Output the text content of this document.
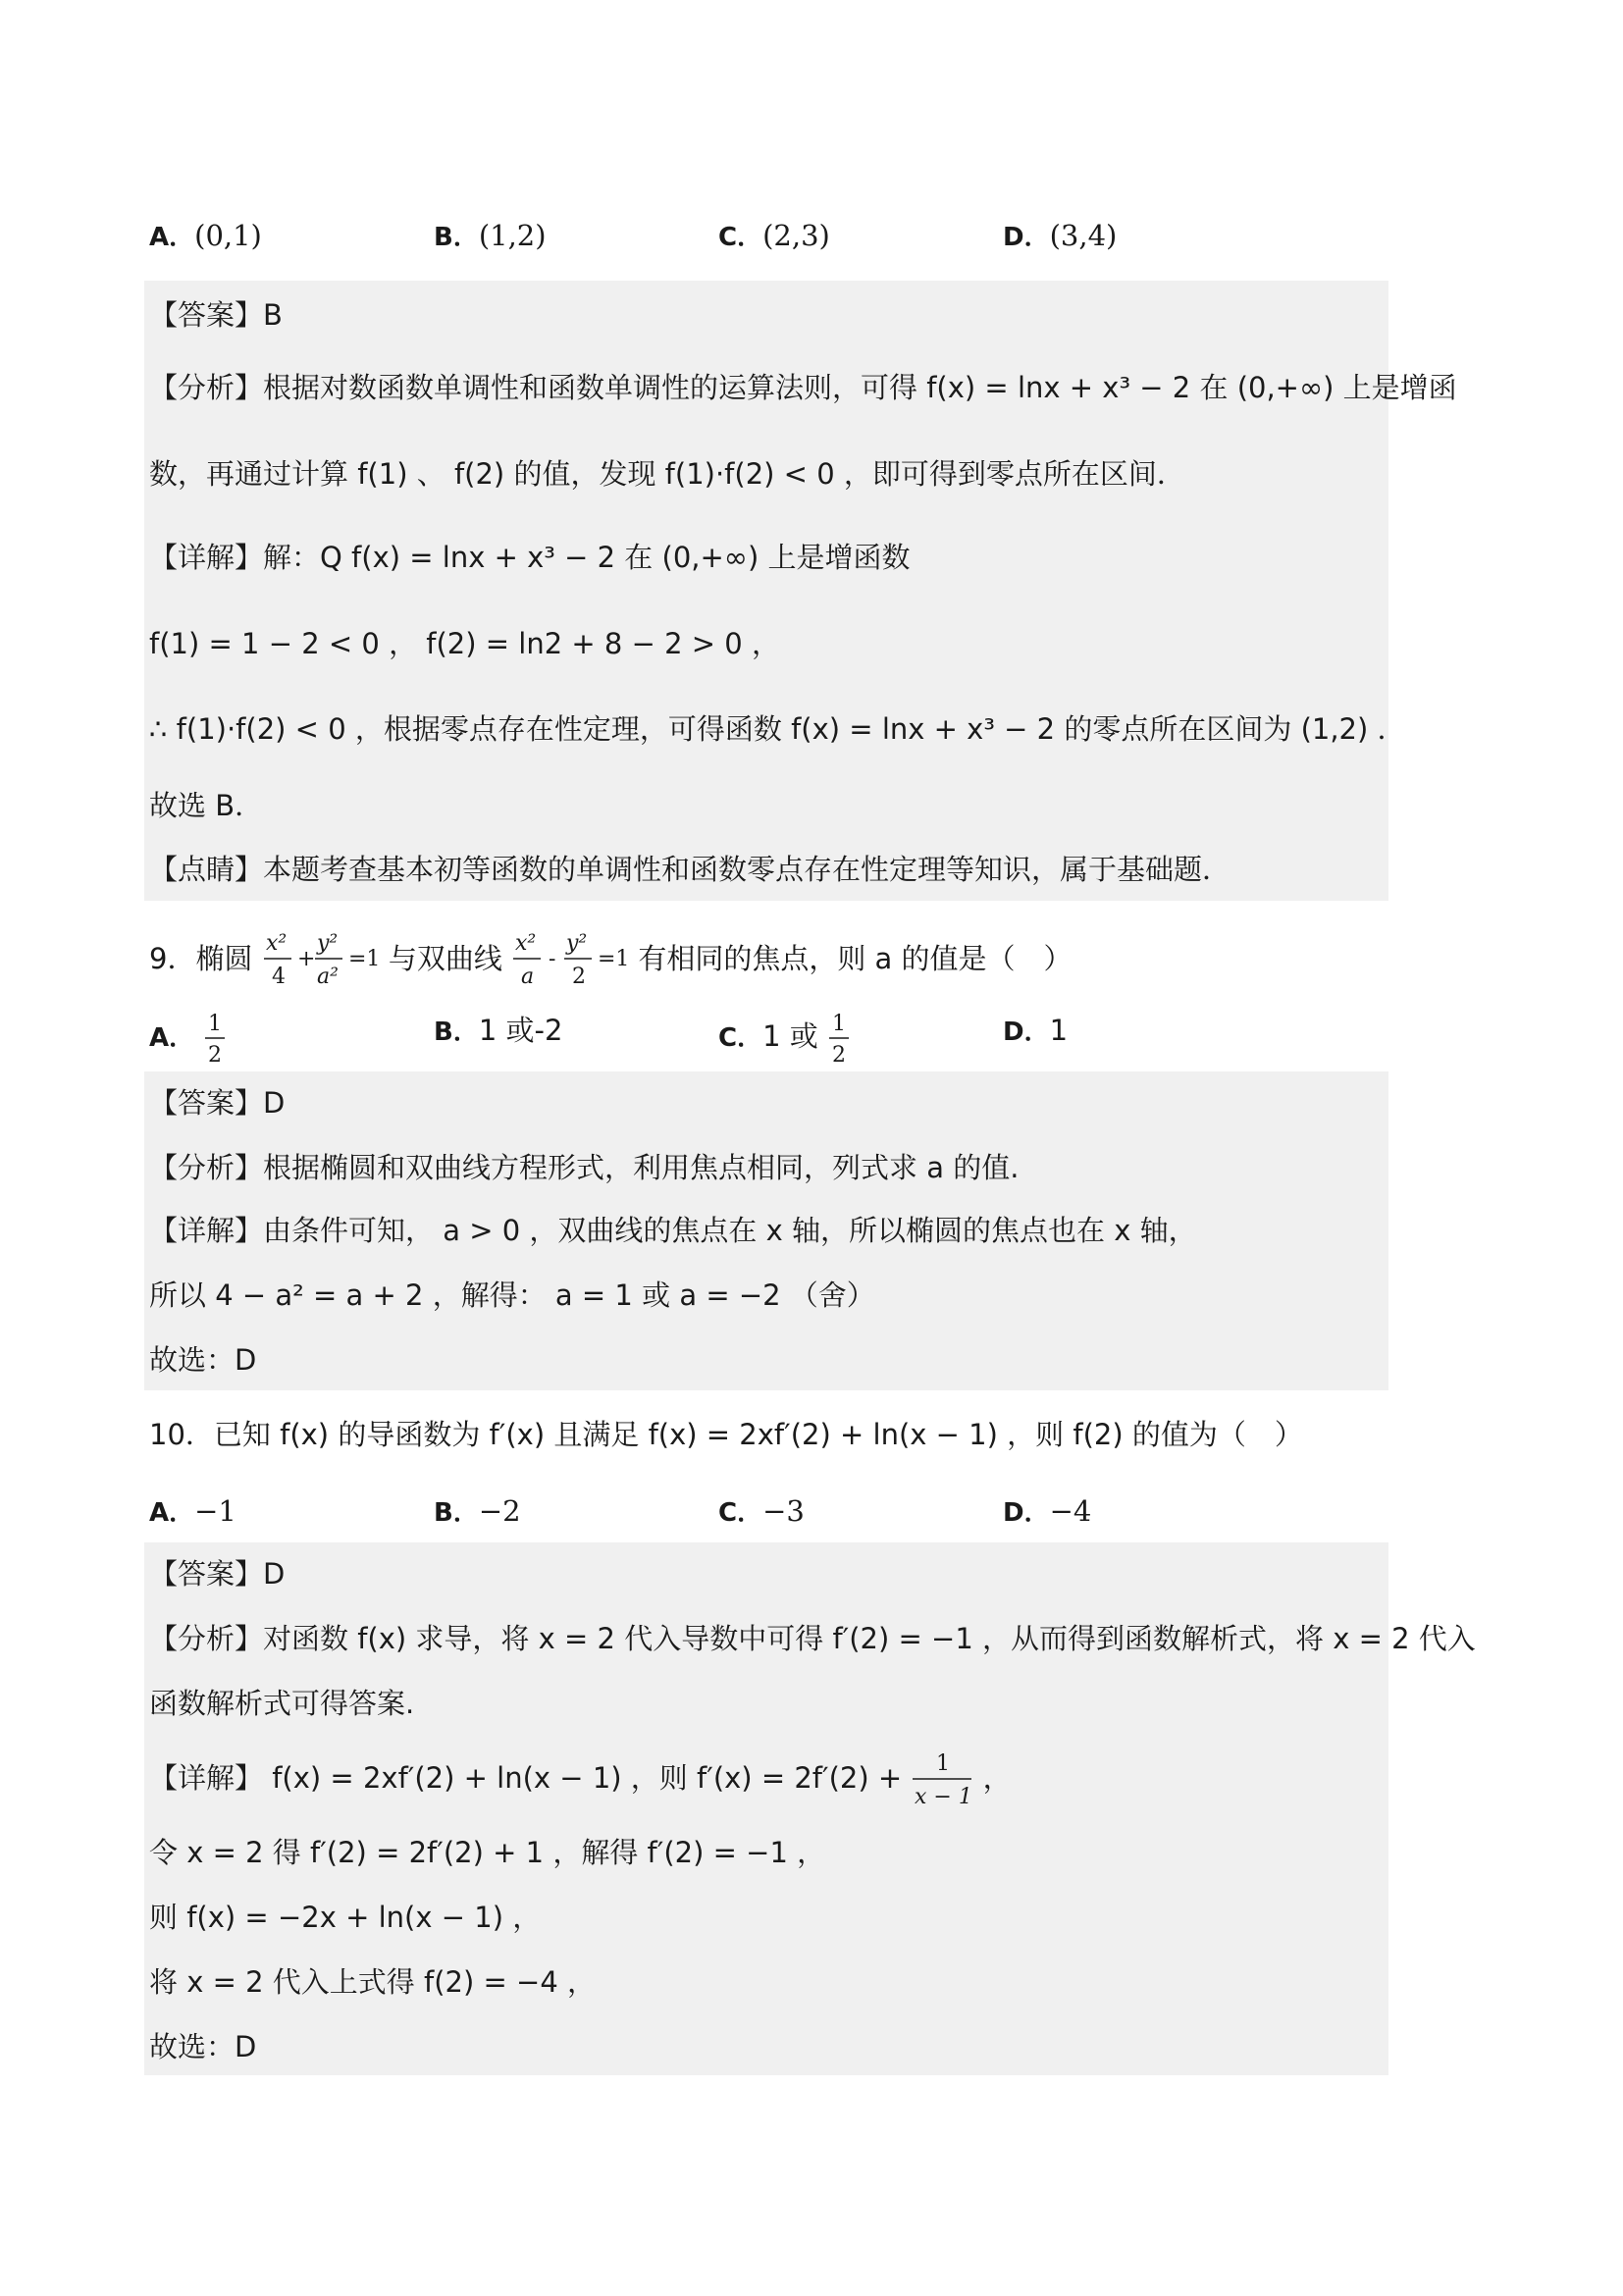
A．(0,1)	B．(1,2)	C．(2,3)	D．(3,4)
【答案】B
【分析】根据对数函数单调性和函数单调性的运算法则，可得 f(x) = lnx + x³ − 2 在 (0,+∞) 上是增函
数，再通过计算 f(1) 、 f(2) 的值，发现 f(1)·f(2) < 0 ，即可得到零点所在区间．
【详解】解：Q f(x) = lnx + x³ − 2 在 (0,+∞) 上是增函数
f(1) = 1 − 2 < 0 ， f(2) = ln2 + 8 − 2 > 0 ，
∴ f(1)·f(2) < 0 ，根据零点存在性定理，可得函数 f(x) = lnx + x³ − 2 的零点所在区间为 (1,2) ．
故选 B．
【点睛】本题考查基本初等函数的单调性和函数零点存在性定理等知识，属于基础题．
9．椭圆 x²
4
+
y²
a²
=1 与双曲线 x²
a
-
y²
2
=1 有相同的焦点，则 a 的值是（　）
A． 1
2
B．1 或-2	C．1 或 1
2
D．1
【答案】D
【分析】根据椭圆和双曲线方程形式，利用焦点相同，列式求 a 的值.
【详解】由条件可知， a > 0 ，双曲线的焦点在 x 轴，所以椭圆的焦点也在 x 轴，
所以 4 − a² = a + 2 ，解得： a = 1 或 a = −2 （舍）
故选：D
10．已知 f(x) 的导函数为 f′(x) 且满足 f(x) = 2xf′(2) + ln(x − 1) ，则 f(2) 的值为（　）
A．−1	B．−2	C．−3	D．−4
【答案】D
【分析】对函数 f(x) 求导，将 x = 2 代入导数中可得 f′(2) = −1 ，从而得到函数解析式，将 x = 2 代入
函数解析式可得答案.
【详解】 f(x) = 2xf′(2) + ln(x − 1) ，则 f′(x) = 2f′(2) + 1
x − 1
，
令 x = 2 得 f′(2) = 2f′(2) + 1 ，解得 f′(2) = −1 ，
则 f(x) = −2x + ln(x − 1) ，
将 x = 2 代入上式得 f(2) = −4 ，
故选：D
